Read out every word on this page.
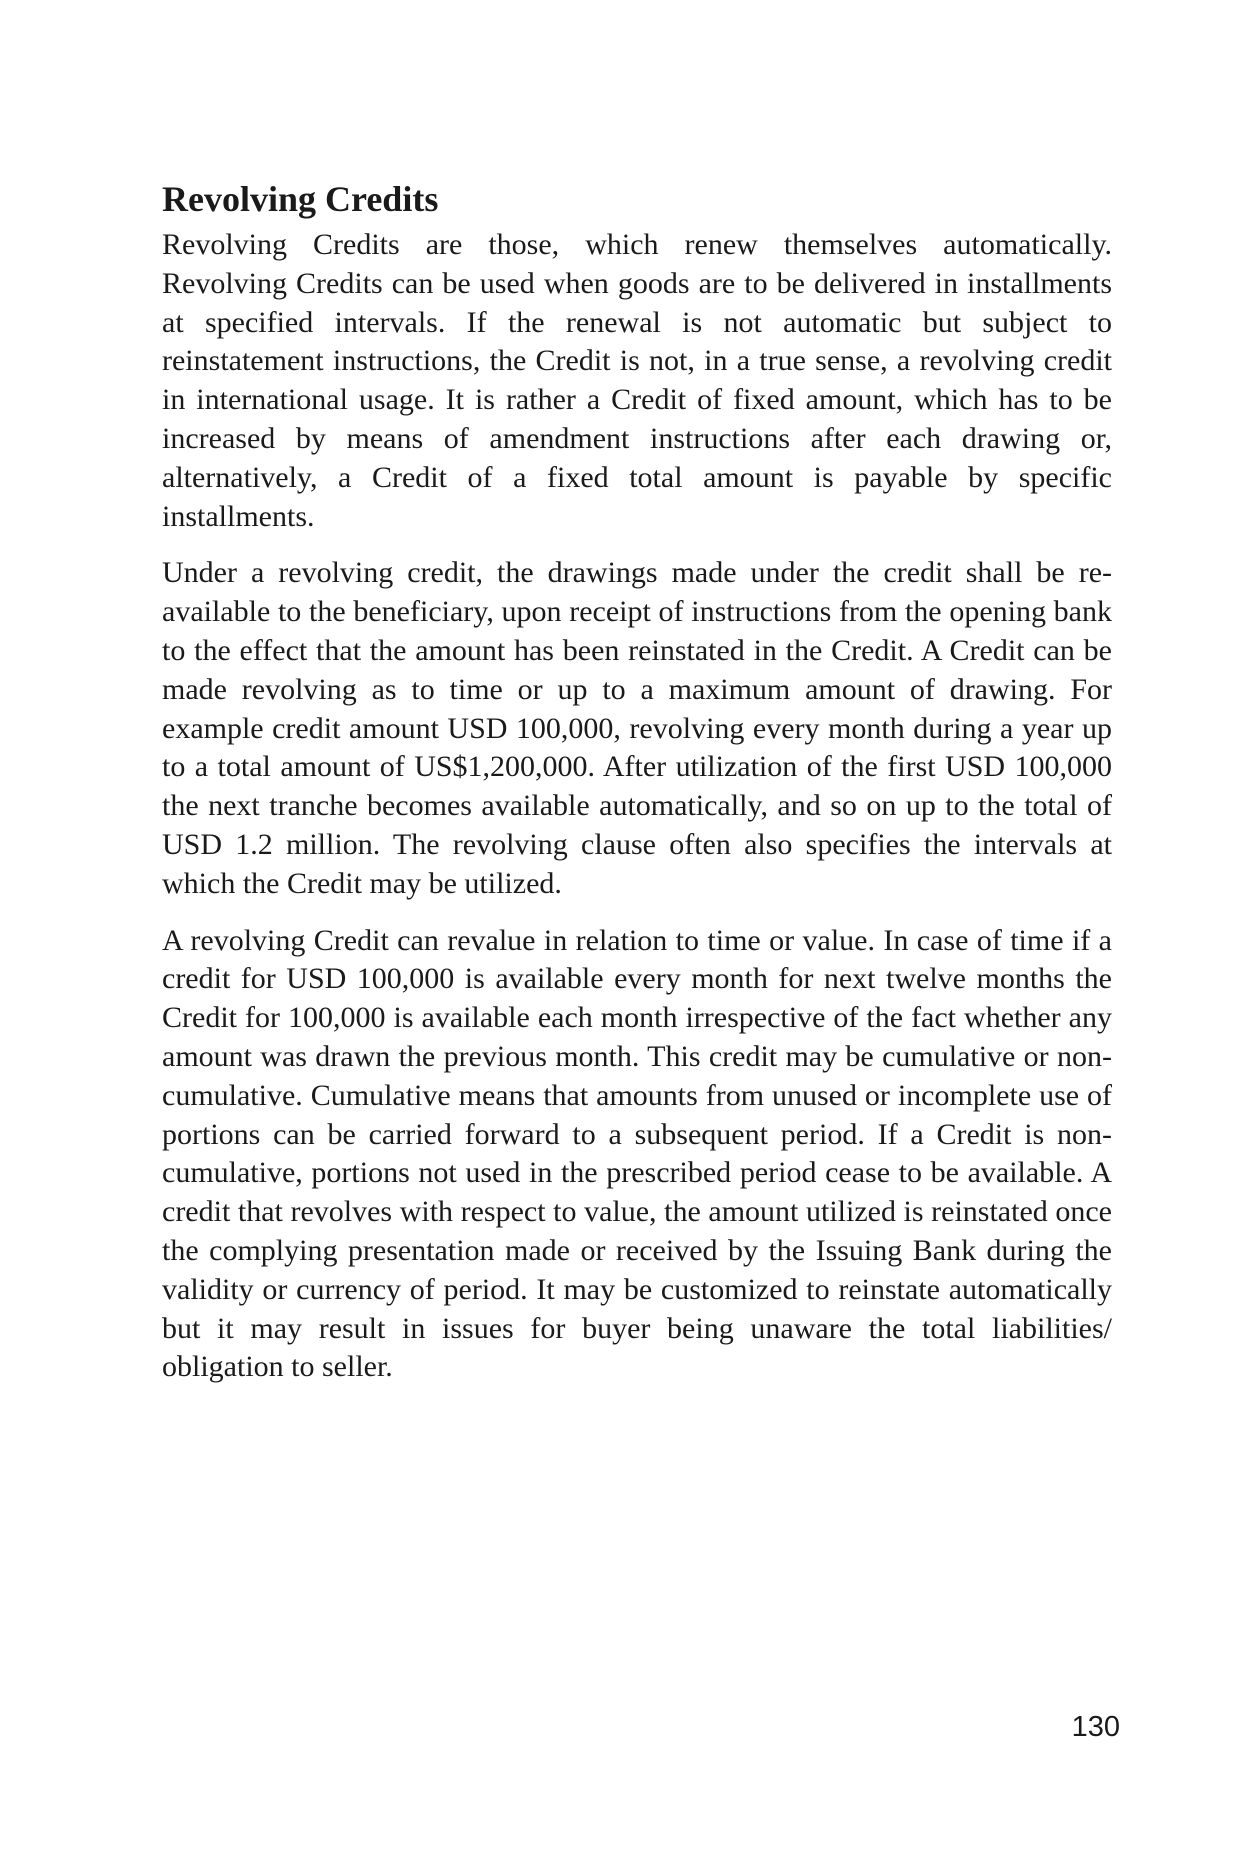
Revolving Credits

Revolving Credits are those, which renew themselves automatically. Revolving Credits can be used when goods are to be delivered in installments at specified intervals. If the renewal is not automatic but subject to reinstatement instructions, the Credit is not, in a true sense, a revolving credit in international usage. It is rather a Credit of fixed amount, which has to be increased by means of amendment instructions after each drawing or, alternatively, a Credit of a fixed total amount is payable by specific installments.

Under a revolving credit, the drawings made under the credit shall be re-available to the beneficiary, upon receipt of instructions from the opening bank to the effect that the amount has been reinstated in the Credit. A Credit can be made revolving as to time or up to a maximum amount of drawing. For example credit amount USD 100,000, revolving every month during a year up to a total amount of US$1,200,000. After utilization of the first USD 100,000 the next tranche becomes available automatically, and so on up to the total of USD 1.2 million. The revolving clause often also specifies the intervals at which the Credit may be utilized.

A revolving Credit can revalue in relation to time or value. In case of time if a credit for USD 100,000 is available every month for next twelve months the Credit for 100,000 is available each month irrespective of the fact whether any amount was drawn the previous month. This credit may be cumulative or non-cumulative. Cumulative means that amounts from unused or incomplete use of portions can be carried forward to a subsequent period. If a Credit is non-cumulative, portions not used in the prescribed period cease to be available. A credit that revolves with respect to value, the amount utilized is reinstated once the complying presentation made or received by the Issuing Bank during the validity or currency of period. It may be customized to reinstate automatically but it may result in issues for buyer being unaware the total liabilities/ obligation to seller.

130
